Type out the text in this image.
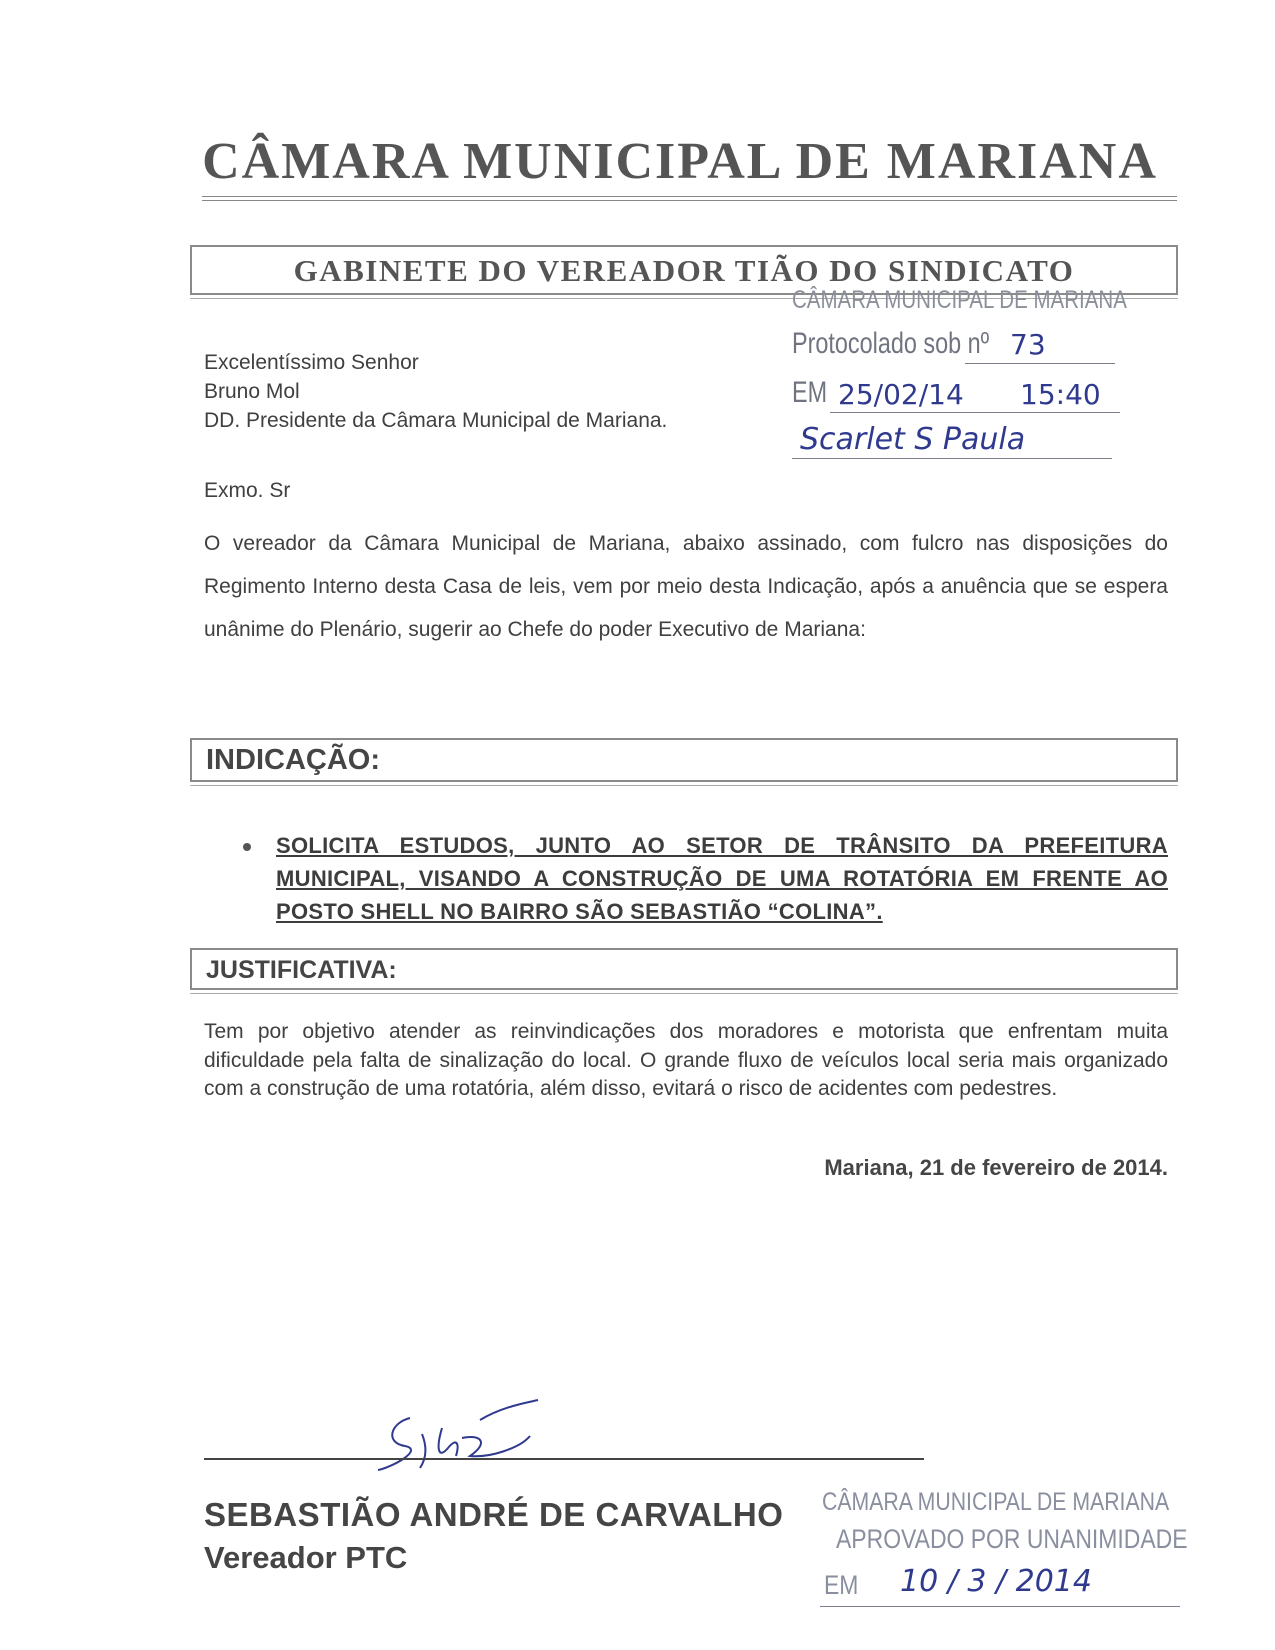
CÂMARA MUNICIPAL DE MARIANA
GABINETE DO VEREADOR TIÃO DO SINDICATO
CÂMARA MUNICIPAL DE MARIANA
Protocolado sob nº 73
EM 25/02/14 15:40
Scarlet S Paula
Excelentíssimo Senhor
Bruno Mol
DD. Presidente da Câmara Municipal de Mariana.
Exmo. Sr
O vereador da Câmara Municipal de Mariana, abaixo assinado, com fulcro nas disposições do Regimento Interno desta Casa de leis, vem por meio desta Indicação, após a anuência que se espera unânime do Plenário, sugerir ao Chefe do poder Executivo de Mariana:
INDICAÇÃO:
SOLICITA ESTUDOS, JUNTO AO SETOR DE TRÂNSITO DA PREFEITURA MUNICIPAL, VISANDO A CONSTRUÇÃO DE UMA ROTATÓRIA EM FRENTE AO POSTO SHELL NO BAIRRO SÃO SEBASTIÃO “COLINA”.
JUSTIFICATIVA:
Tem por objetivo atender as reinvindicações dos moradores e motorista que enfrentam muita dificuldade pela falta de sinalização do local. O grande fluxo de veículos local seria mais organizado com a construção de uma rotatória, além disso, evitará o risco de acidentes com pedestres.
Mariana, 21 de fevereiro de 2014.
SEBASTIÃO ANDRÉ DE CARVALHO
Vereador PTC
CÂMARA MUNICIPAL DE MARIANA
APROVADO POR UNANIMIDADE
EM 10 / 3 / 2014
